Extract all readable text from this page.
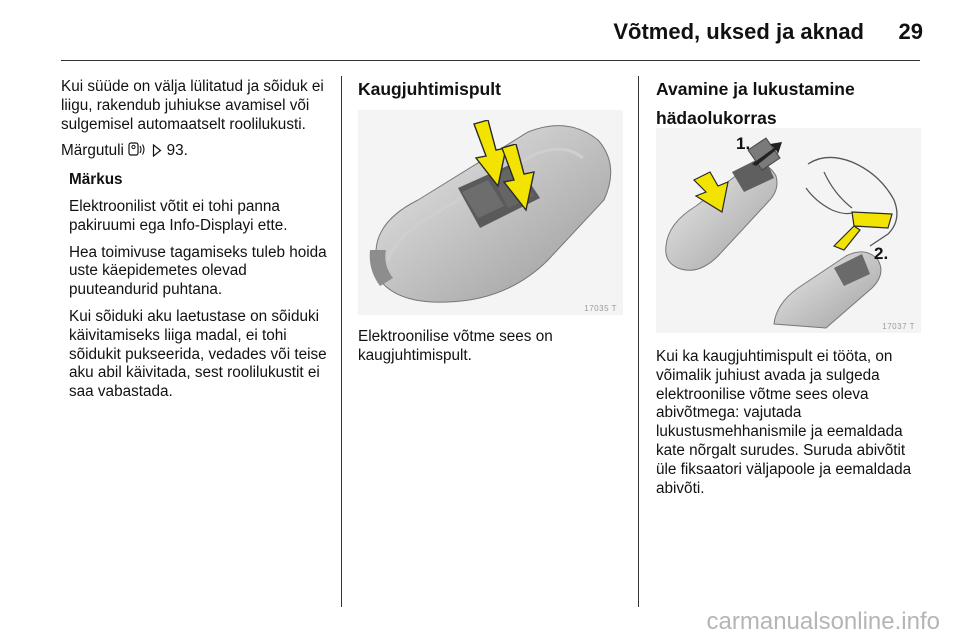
Võtmed, uksed ja aknad 29

Kui süüde on välja lülitatud ja sõiduk ei liigu, rakendub juhiukse avamisel või sulgemisel automaatselt roolilukusti.

Märgutuli	93.

Märkus

Elektroonilist võtit ei tohi panna pakiruumi ega Info-Displayi ette.

Hea toimivuse tagamiseks tuleb hoida uste käepidemetes olevad puuteandurid puhtana.

Kui sõiduki aku laetustase on sõiduki käivitamiseks liiga madal, ei tohi sõidukit pukseerida, vedades või teise aku abil käivitada, sest roolilukustit ei saa vabastada.

Kaugjuhtimispult

17035 T

Elektroonilise võtme sees on kaugjuhtimispult.

Avamine ja lukustamine

hädaolukorras

1.
2.
17037 T

Kui ka kaugjuhtimispult ei tööta, on võimalik juhiust avada ja sulgeda elektroonilise võtme sees oleva abivõtmega: vajutada lukustusmehhanismile ja eemaldada kate nõrgalt surudes. Suruda abivõtit üle fiksaatori väljapoole ja eemaldada abivõti.

carmanualsonline.info
